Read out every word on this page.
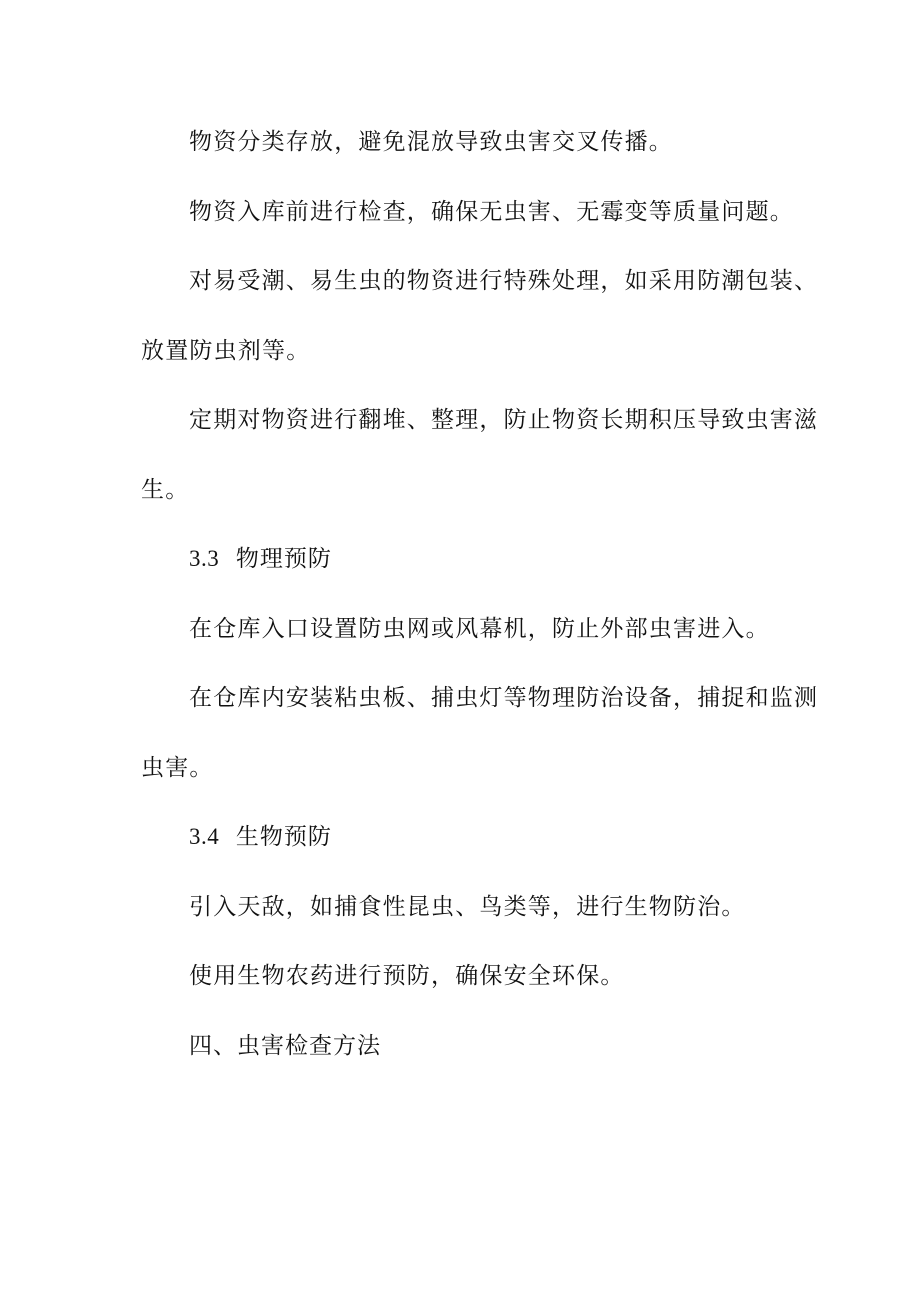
物资分类存放，避免混放导致虫害交叉传播。
物资入库前进行检查，确保无虫害、无霉变等质量问题。
对易受潮、易生虫的物资进行特殊处理，如采用防潮包装、
放置防虫剂等。
定期对物资进行翻堆、整理，防止物资长期积压导致虫害滋
生。
3.3 物理预防
在仓库入口设置防虫网或风幕机，防止外部虫害进入。
在仓库内安装粘虫板、捕虫灯等物理防治设备，捕捉和监测
虫害。
3.4 生物预防
引入天敌，如捕食性昆虫、鸟类等，进行生物防治。
使用生物农药进行预防，确保安全环保。
四、虫害检查方法
